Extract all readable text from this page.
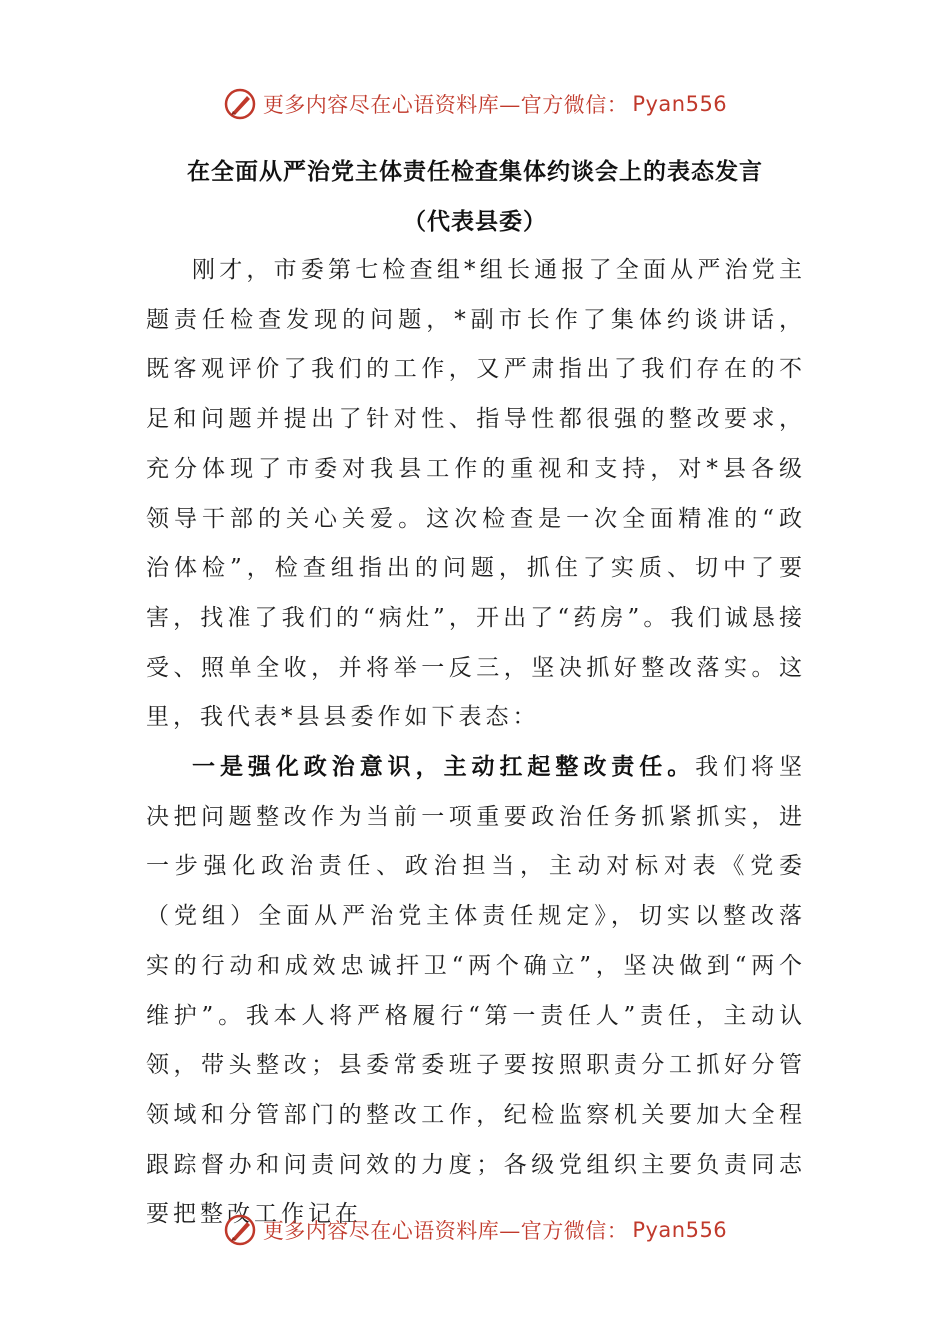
更多内容尽在心语资料库—官方微信： Pyan556
在全面从严治党主体责任检查集体约谈会上的表态发言
（代表县委）

刚才，市委第七检查组*组长通报了全面从严治党主题责任检查发现的问题，*副市长作了集体约谈讲话，既客观评价了我们的工作，又严肃指出了我们存在的不足和问题并提出了针对性、指导性都很强的整改要求，充分体现了市委对我县工作的重视和支持，对*县各级领导干部的关心关爱。这次检查是一次全面精准的“政治体检”，检查组指出的问题，抓住了实质、切中了要害，找准了我们的“病灶”，开出了“药房”。我们诚恳接受、照单全收，并将举一反三，坚决抓好整改落实。这里，我代表*县县委作如下表态：

一是强化政治意识，主动扛起整改责任。我们将坚决把问题整改作为当前一项重要政治任务抓紧抓实，进一步强化政治责任、政治担当，主动对标对表《党委（党组）全面从严治党主体责任规定》，切实以整改落实的行动和成效忠诚扞卫“两个确立”，坚决做到“两个维护”。我本人将严格履行“第一责任人”责任，主动认领，带头整改；县委常委班子要按照职责分工抓好分管领域和分管部门的整改工作，纪检监察机关要加大全程跟踪督办和问责问效的力度；各级党组织主要负责同志要把整改工作记在

更多内容尽在心语资料库—官方微信： Pyan556
